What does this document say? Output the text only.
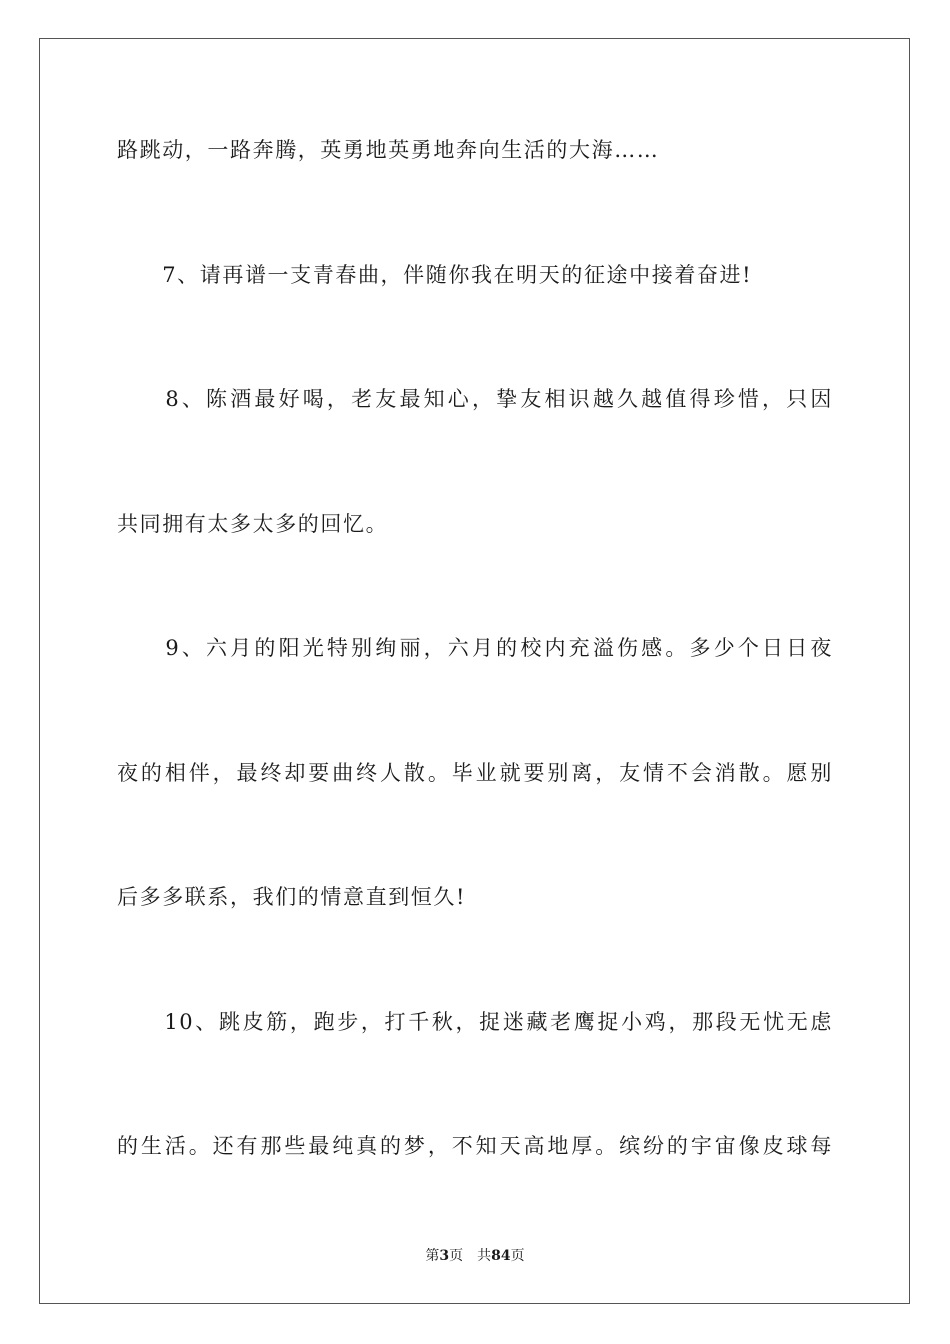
路跳动，一路奔腾，英勇地英勇地奔向生活的大海……
　　7、请再谱一支青春曲，伴随你我在明天的征途中接着奋进!
　　8、陈酒最好喝，老友最知心，挚友相识越久越值得珍惜，只因
共同拥有太多太多的回忆。
　　9、六月的阳光特别绚丽，六月的校内充溢伤感。多少个日日夜
夜的相伴，最终却要曲终人散。毕业就要别离，友情不会消散。愿别
后多多联系，我们的情意直到恒久!
　　10、跳皮筋，跑步，打千秋，捉迷藏老鹰捉小鸡，那段无忧无虑
的生活。还有那些最纯真的梦，不知天高地厚。缤纷的宇宙像皮球每
第3页 共84页
